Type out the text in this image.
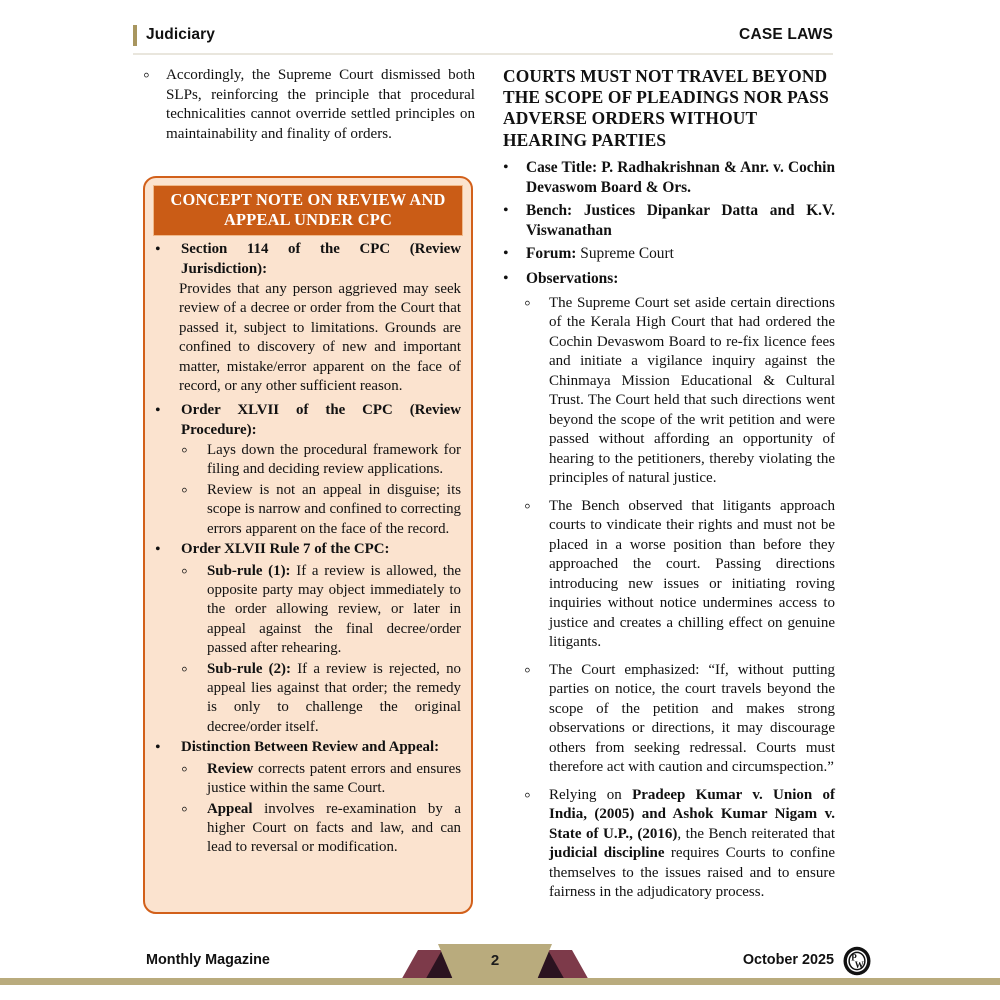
Judiciary	CASE LAWS
◦
Accordingly, the Supreme Court dismissed both SLPs, reinforcing the principle that procedural technicalities cannot override settled principles on maintainability and finality of orders.
CONCEPT NOTE ON REVIEW AND APPEAL UNDER CPC
•
Section 114 of the CPC (Review Jurisdiction):
Provides that any person aggrieved may seek review of a decree or order from the Court that passed it, subject to limitations. Grounds are confined to discovery of new and important matter, mistake/error apparent on the face of record, or any other sufficient reason.
•
Order XLVII of the CPC (Review Procedure):
◦
Lays down the procedural framework for filing and deciding review applications.
◦
Review is not an appeal in disguise; its scope is narrow and confined to correcting errors apparent on the face of the record.
•
Order XLVII Rule 7 of the CPC:
◦
Sub-rule (1): If a review is allowed, the opposite party may object immediately to the order allowing review, or later in appeal against the final decree/order passed after rehearing.
◦
Sub-rule (2): If a review is rejected, no appeal lies against that order; the remedy is only to challenge the original decree/order itself.
•
Distinction Between Review and Appeal:
◦
Review corrects patent errors and ensures justice within the same Court.
◦
Appeal involves re-examination by a higher Court on facts and law, and can lead to reversal or modification.
COURTS MUST NOT TRAVEL BEYOND THE SCOPE OF PLEADINGS NOR PASS ADVERSE ORDERS WITHOUT HEARING PARTIES
•
Case Title: P. Radhakrishnan & Anr. v. Cochin Devaswom Board & Ors.
•
Bench: Justices Dipankar Datta and K.V. Viswanathan
•
Forum: Supreme Court
•
Observations:
◦
The Supreme Court set aside certain directions of the Kerala High Court that had ordered the Cochin Devaswom Board to re-fix licence fees and initiate a vigilance inquiry against the Chinmaya Mission Educational & Cultural Trust. The Court held that such directions went beyond the scope of the writ petition and were passed without affording an opportunity of hearing to the petitioners, thereby violating the principles of natural justice.
◦
The Bench observed that litigants approach courts to vindicate their rights and must not be placed in a worse position than before they approached the court. Passing directions introducing new issues or initiating roving inquiries without notice undermines access to justice and creates a chilling effect on genuine litigants.
◦
The Court emphasized: “If, without putting parties on notice, the court travels beyond the scope of the petition and makes strong observations or directions, it may discourage others from seeking redressal. Courts must therefore act with caution and circumspection.”
◦
Relying on Pradeep Kumar v. Union of India, (2005) and Ashok Kumar Nigam v. State of U.P., (2016), the Bench reiterated that judicial discipline requires Courts to confine themselves to the issues raised and to ensure fairness in the adjudicatory process.
Monthly Magazine	2	October 2025 P
W
